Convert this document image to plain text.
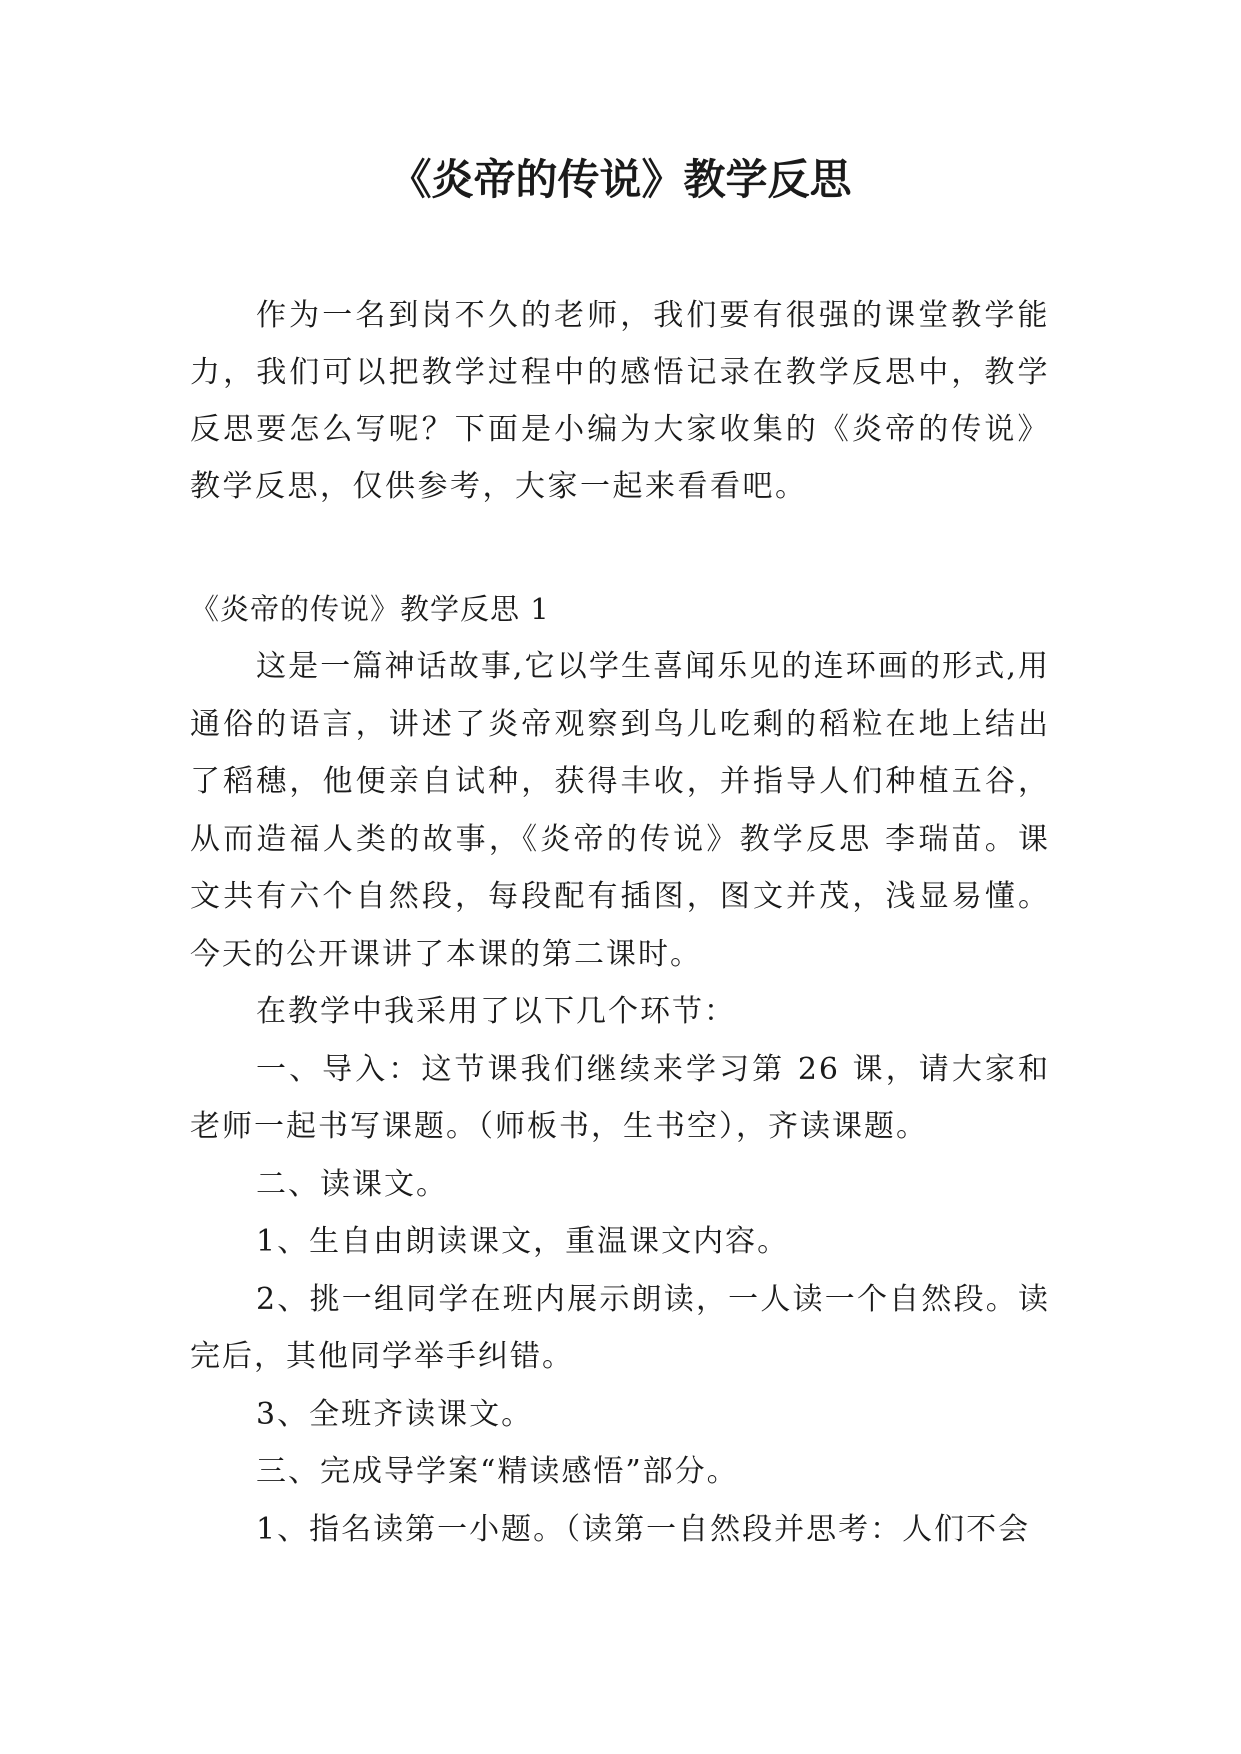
《炎帝的传说》教学反思

作为一名到岗不久的老师，我们要有很强的课堂教学能力，我们可以把教学过程中的感悟记录在教学反思中，教学反思要怎么写呢？下面是小编为大家收集的《炎帝的传说》教学反思，仅供参考，大家一起来看看吧。

《炎帝的传说》教学反思 1

这是一篇神话故事,它以学生喜闻乐见的连环画的形式,用通俗的语言，讲述了炎帝观察到鸟儿吃剩的稻粒在地上结出了稻穗，他便亲自试种，获得丰收，并指导人们种植五谷，从而造福人类的故事，《炎帝的传说》教学反思 李瑞苗。课文共有六个自然段，每段配有插图，图文并茂，浅显易懂。今天的公开课讲了本课的第二课时。

在教学中我采用了以下几个环节：

一、导入：这节课我们继续来学习第 26 课，请大家和老师一起书写课题。（师板书，生书空），齐读课题。

二、读课文。

1、生自由朗读课文，重温课文内容。

2、挑一组同学在班内展示朗读，一人读一个自然段。读完后，其他同学举手纠错。

3、全班齐读课文。

三、完成导学案“精读感悟”部分。

1、指名读第一小题。（读第一自然段并思考：人们不会
